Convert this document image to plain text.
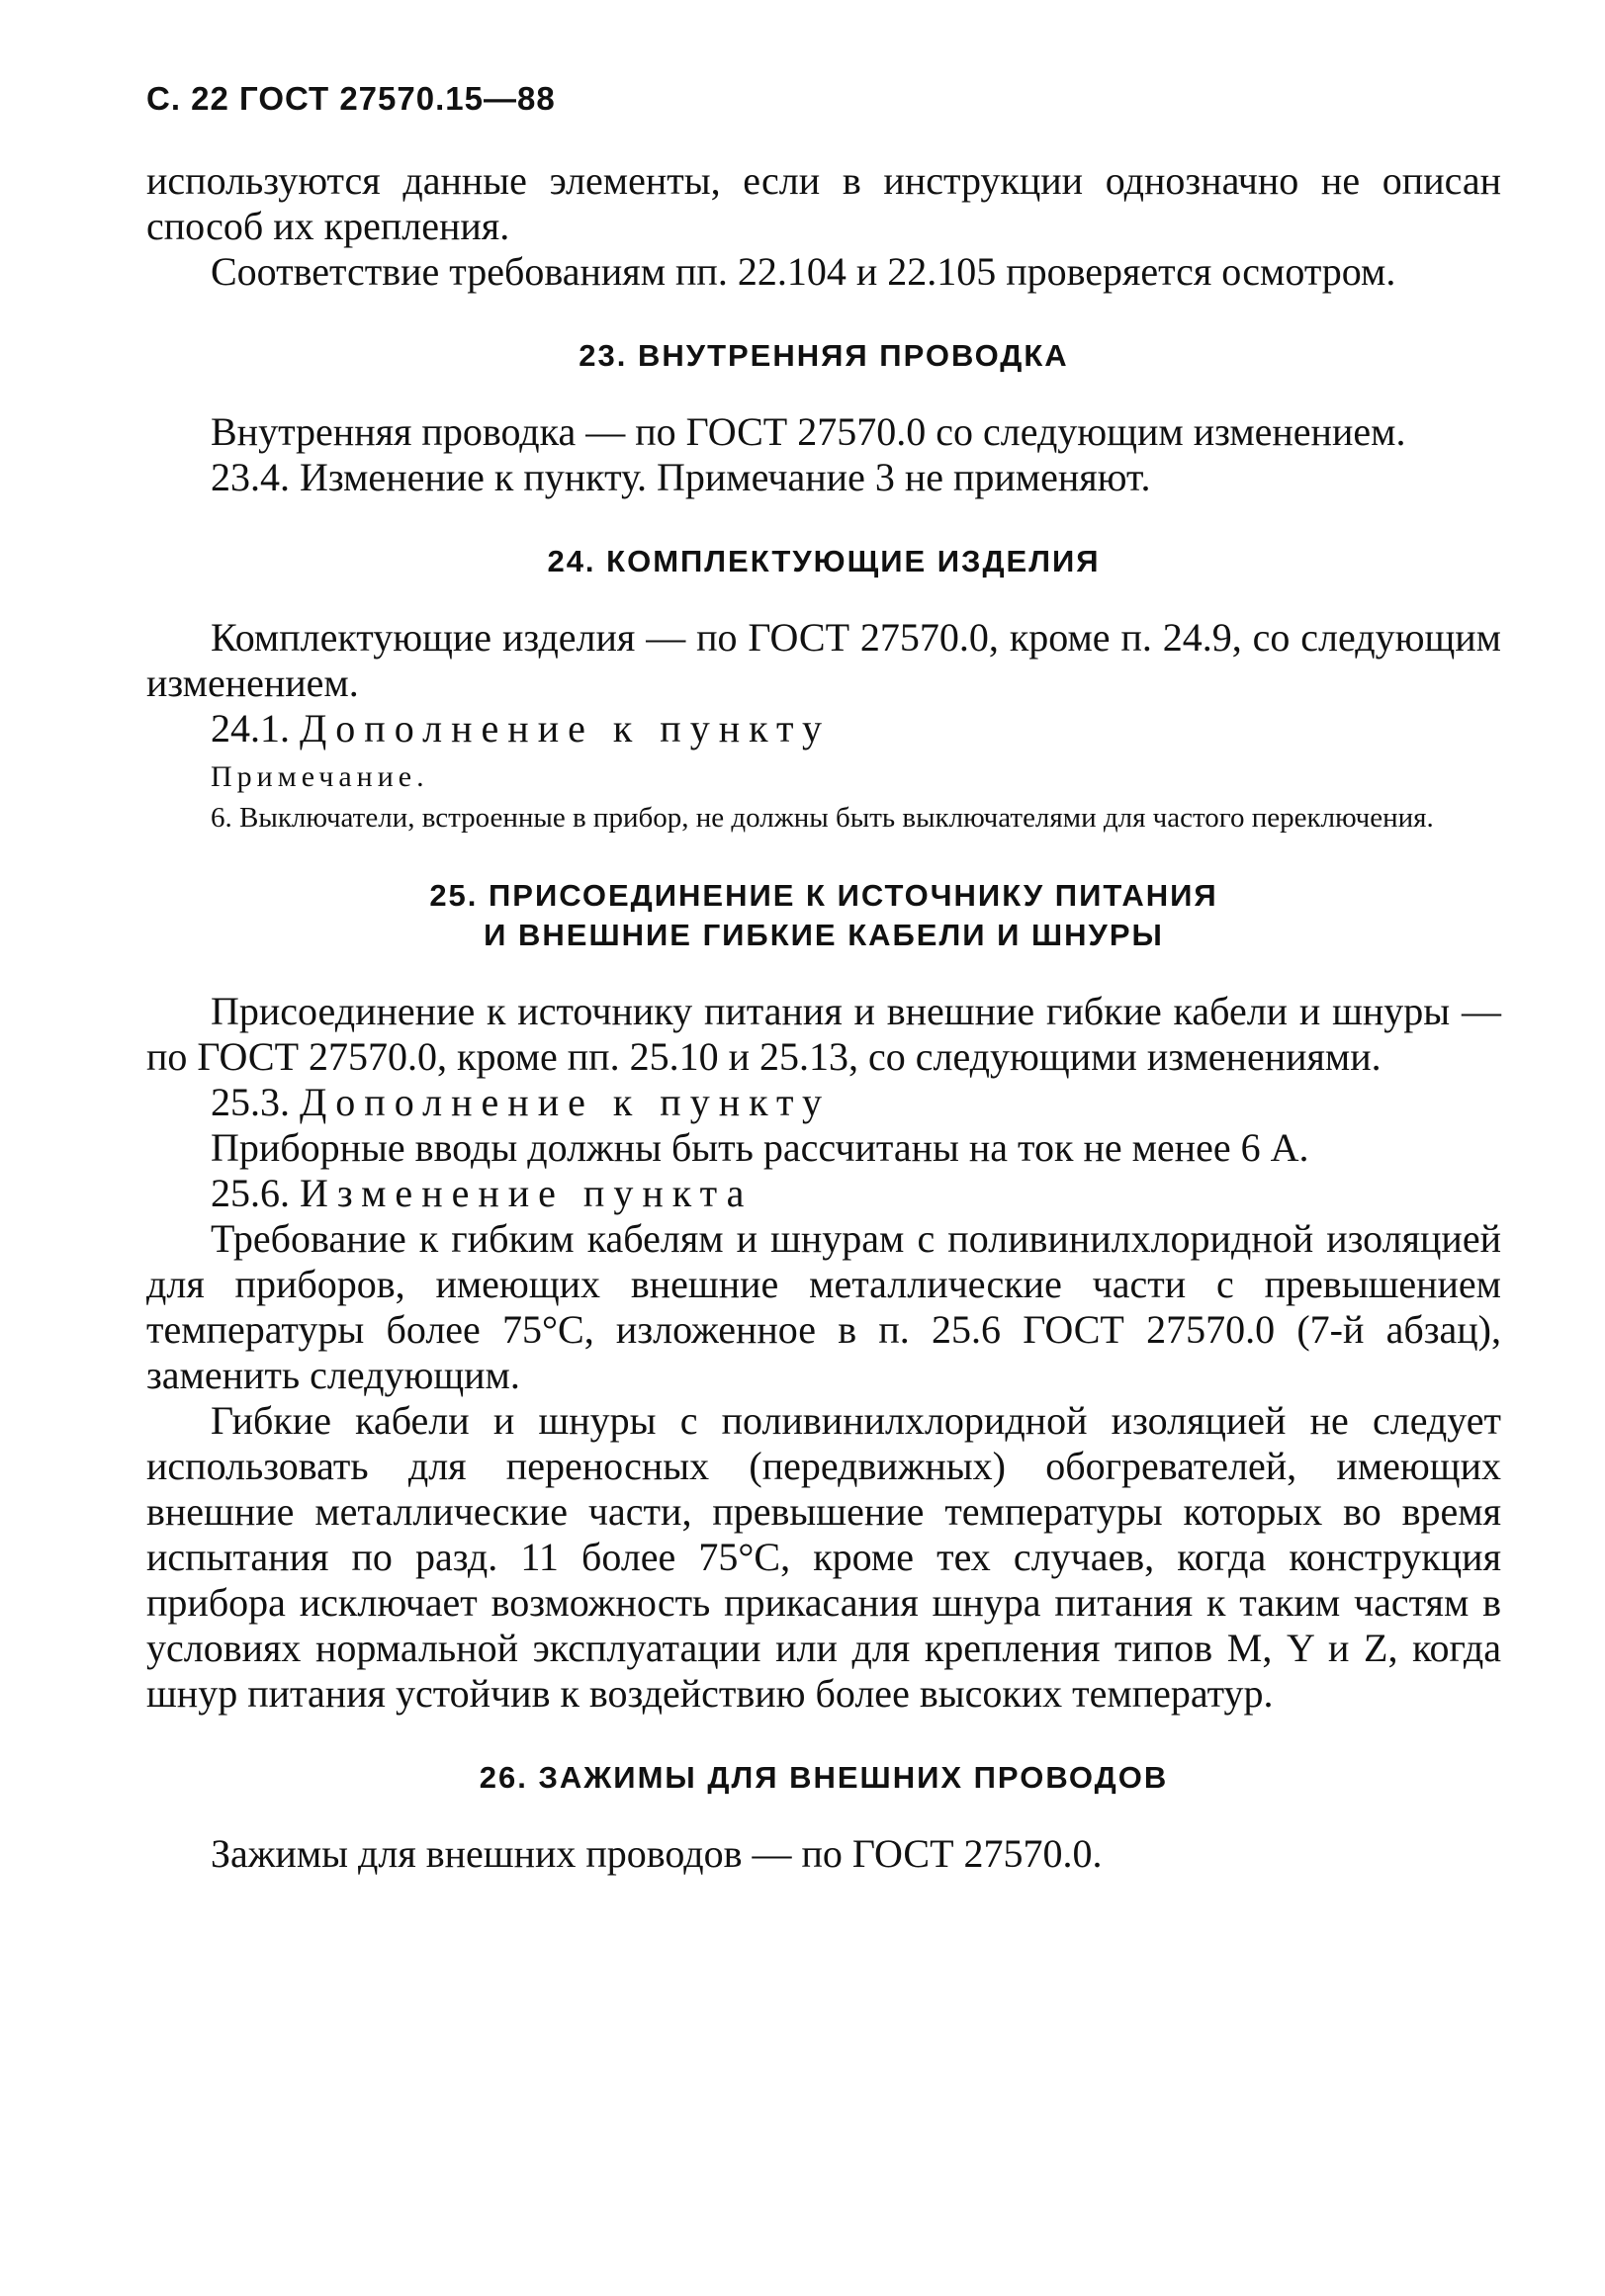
С. 22 ГОСТ 27570.15—88

используются данные элементы, если в инструкции однозначно не описан способ их крепления.

Соответствие требованиям пп. 22.104 и 22.105 проверяется осмотром.

23. ВНУТРЕННЯЯ ПРОВОДКА

Внутренняя проводка — по ГОСТ 27570.0 со следующим изменением.

23.4. Изменение к пункту. Примечание 3 не применяют.

24. КОМПЛЕКТУЮЩИЕ ИЗДЕЛИЯ

Комплектующие изделия — по ГОСТ 27570.0, кроме п. 24.9, со следующим изменением.

24.1. Дополнение к пункту

Примечание.
6. Выключатели, встроенные в прибор, не должны быть выключателями для частого переключения.
25. ПРИСОЕДИНЕНИЕ К ИСТОЧНИКУ ПИТАНИЯ
И ВНЕШНИЕ ГИБКИЕ КАБЕЛИ И ШНУРЫ

Присоединение к источнику питания и внешние гибкие кабели и шнуры — по ГОСТ 27570.0, кроме пп. 25.10 и 25.13, со следующими изменениями.

25.3. Дополнение к пункту

Приборные вводы должны быть рассчитаны на ток не менее 6 А.

25.6. Изменение пункта

Требование к гибким кабелям и шнурам с поливинилхлоридной изоляцией для приборов, имеющих внешние металлические части с превышением температуры более 75°С, изложенное в п. 25.6 ГОСТ 27570.0 (7-й абзац), заменить следующим.

Гибкие кабели и шнуры с поливинилхлоридной изоляцией не следует использовать для переносных (передвижных) обогревателей, имеющих внешние металлические части, превышение температуры которых во время испытания по разд. 11 более 75°С, кроме тех случаев, когда конструкция прибора исключает возможность прикасания шнура питания к таким частям в условиях нормальной эксплуатации или для крепления типов М, Y и Z, когда шнур питания устойчив к воздействию более высоких температур.

26. ЗАЖИМЫ ДЛЯ ВНЕШНИХ ПРОВОДОВ

Зажимы для внешних проводов — по ГОСТ 27570.0.
